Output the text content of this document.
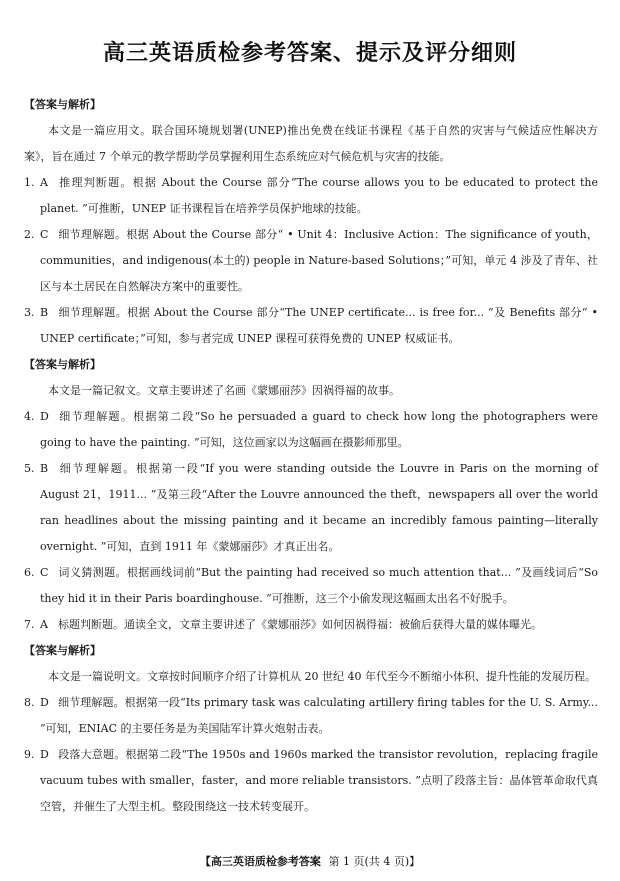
高三英语质检参考答案、提示及评分细则
【答案与解析】
本文是一篇应用文。联合国环境规划署(UNEP)推出免费在线证书课程《基于自然的灾害与气候适应性解决方案》，旨在通过 7 个单元的教学帮助学员掌握利用生态系统应对气候危机与灾害的技能。
1. A 推理判断题。根据 About the Course 部分“The course allows you to be educated to protect the planet. ”可推断，UNEP 证书课程旨在培养学员保护地球的技能。
2. C 细节理解题。根据 About the Course 部分“ • Unit 4：Inclusive Action：The significance of youth，communities，and indigenous(本土的) people in Nature-based Solutions；”可知，单元 4 涉及了青年、社区与本土居民在自然解决方案中的重要性。
3. B 细节理解题。根据 About the Course 部分“The UNEP certificate... is free for... ”及 Benefits 部分“ • UNEP certificate；”可知，参与者完成 UNEP 课程可获得免费的 UNEP 权威证书。
【答案与解析】
本文是一篇记叙文。文章主要讲述了名画《蒙娜丽莎》因祸得福的故事。
4. D 细节理解题。根据第二段“So he persuaded a guard to check how long the photographers were going to have the painting. ”可知，这位画家以为这幅画在摄影师那里。
5. B 细节理解题。根据第一段“If you were standing outside the Louvre in Paris on the morning of August 21，1911... ”及第三段“After the Louvre announced the theft，newspapers all over the world ran headlines about the missing painting and it became an incredibly famous painting—literally overnight. ”可知，直到 1911 年《蒙娜丽莎》才真正出名。
6. C 词义猜测题。根据画线词前“But the painting had received so much attention that... ”及画线词后“So they hid it in their Paris boardinghouse. ”可推断，这三个小偷发现这幅画太出名不好脱手。
7. A 标题判断题。通读全文，文章主要讲述了《蒙娜丽莎》如何因祸得福：被偷后获得大量的媒体曝光。
【答案与解析】
本文是一篇说明文。文章按时间顺序介绍了计算机从 20 世纪 40 年代至今不断缩小体积、提升性能的发展历程。
8. D 细节理解题。根据第一段“Its primary task was calculating artillery firing tables for the U. S. Army... ”可知，ENIAC 的主要任务是为美国陆军计算火炮射击表。
9. D 段落大意题。根据第二段“The 1950s and 1960s marked the transistor revolution，replacing fragile vacuum tubes with smaller，faster，and more reliable transistors. ”点明了段落主旨：晶体管革命取代真空管，并催生了大型主机。整段围绕这一技术转变展开。
【高三英语质检参考答案 第 1 页(共 4 页)】
